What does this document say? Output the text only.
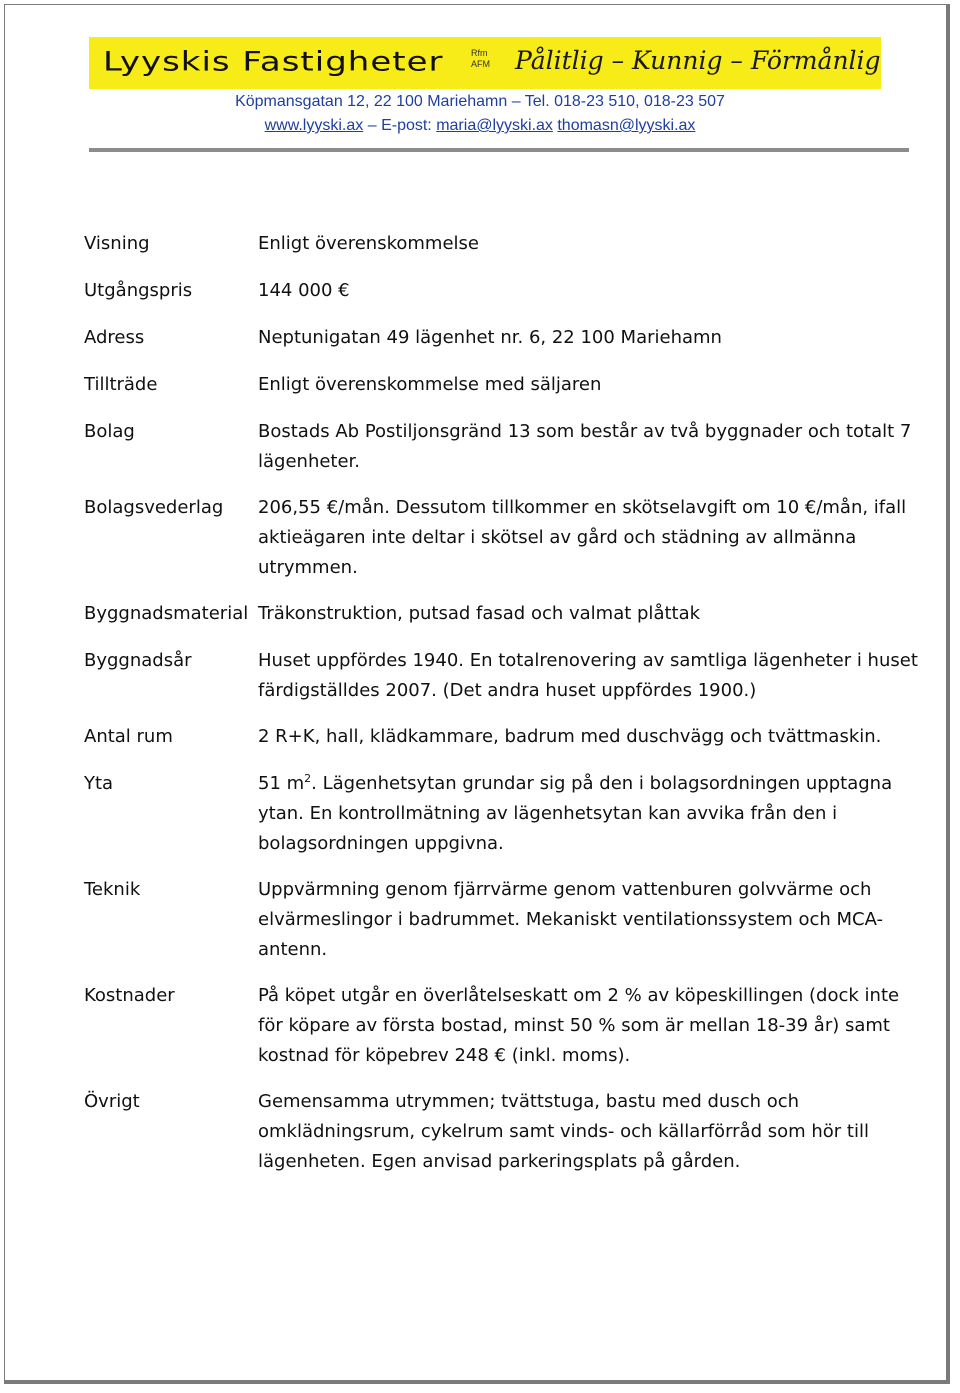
Lyyskis Fastigheter	Rfm
AFM Pålitlig – Kunnig – Förmånlig
Köpmansgatan 12, 22 100 Mariehamn – Tel. 018-23 510, 018-23 507
www.lyyski.ax – E-post: maria@lyyski.ax thomasn@lyyski.ax
Visning	Enligt överenskommelse
Utgångspris	144 000 €
Adress	Neptunigatan 49 lägenhet nr. 6, 22 100 Mariehamn
Tillträde	Enligt överenskommelse med säljaren
Bolag	Bostads Ab Postiljonsgränd 13 som består av två byggnader och totalt 7
lägenheter.
Bolagsvederlag	206,55 €/mån. Dessutom tillkommer en skötselavgift om 10 €/mån, ifall
aktieägaren inte deltar i skötsel av gård och städning av allmänna
utrymmen.
Byggnadsmaterial Träkonstruktion, putsad fasad och valmat plåttak
Byggnadsår	Huset uppfördes 1940. En totalrenovering av samtliga lägenheter i huset
färdigställdes 2007. (Det andra huset uppfördes 1900.)
Antal rum	2 R+K, hall, klädkammare, badrum med duschvägg och tvättmaskin.
Yta	51 $m^2$. Lägenhetsytan grundar sig på den i bolagsordningen upptagna
ytan. En kontrollmätning av lägenhetsytan kan avvika från den i
bolagsordningen uppgivna.
Teknik	Uppvärmning genom fjärrvärme genom vattenburen golvvärme och
elvärmeslingor i badrummet. Mekaniskt ventilationssystem och MCA-
antenn.
Kostnader	På köpet utgår en överlåtelseskatt om 2 % av köpeskillingen (dock inte
för köpare av första bostad, minst 50 % som är mellan 18-39 år) samt
kostnad för köpebrev 248 € (inkl. moms).
Övrigt	Gemensamma utrymmen; tvättstuga, bastu med dusch och
omklädningsrum, cykelrum samt vinds- och källarförråd som hör till
lägenheten. Egen anvisad parkeringsplats på gården.
